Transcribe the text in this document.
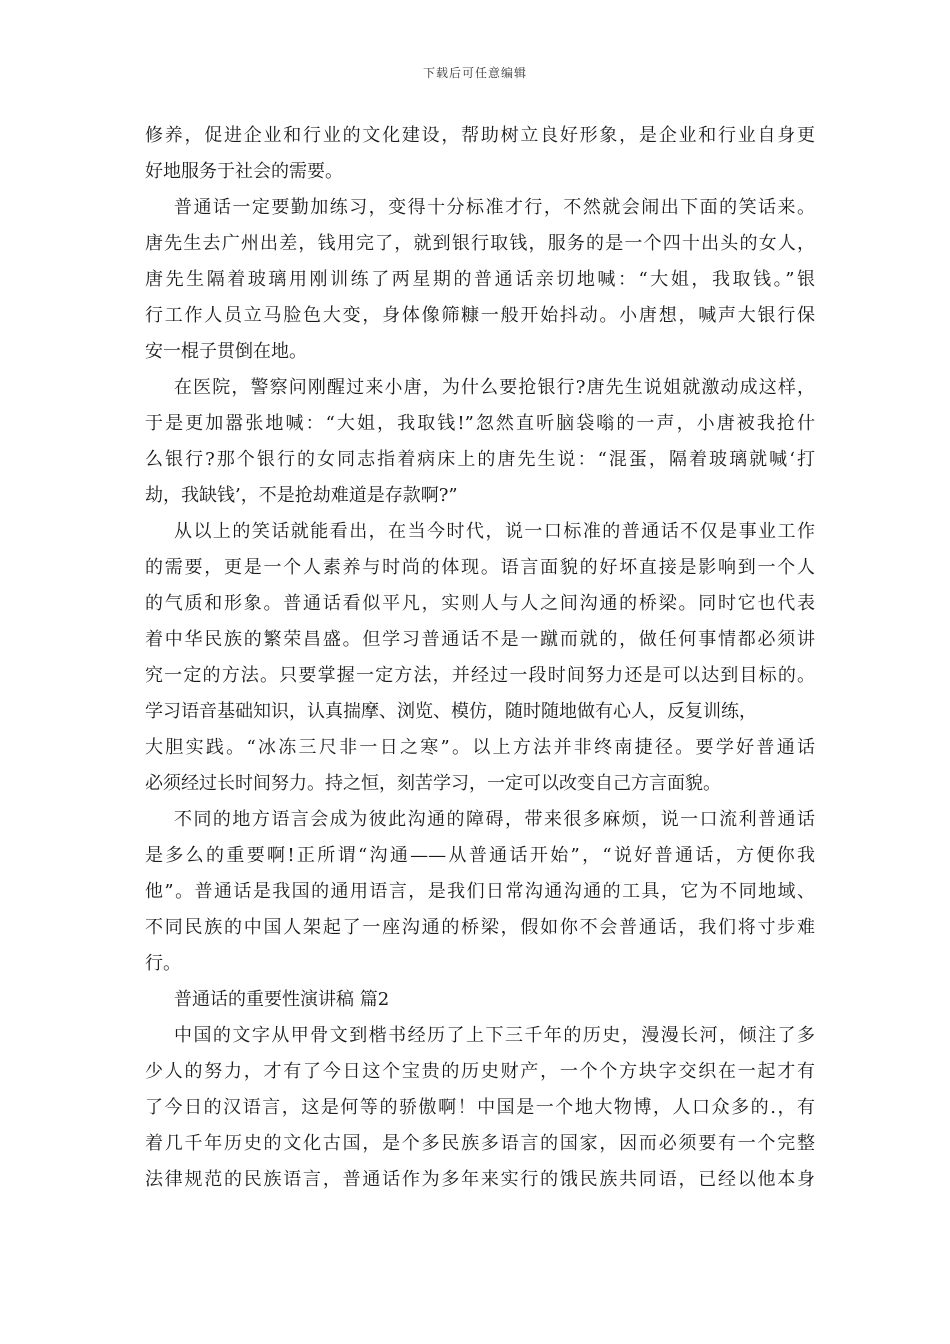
下载后可任意编辑
修养，促进企业和行业的文化建设，帮助树立良好形象，是企业和行业自身更
好地服务于社会的需要。
普通话一定要勤加练习，变得十分标准才行，不然就会闹出下面的笑话来。
唐先生去广州出差，钱用完了，就到银行取钱，服务的是一个四十出头的女人，
唐先生隔着玻璃用刚训练了两星期的普通话亲切地喊：“大姐，我取钱。”银
行工作人员立马脸色大变，身体像筛糠一般开始抖动。小唐想，喊声大银行保
安一棍子贯倒在地。
在医院，警察问刚醒过来小唐，为什么要抢银行?唐先生说姐就激动成这样，
于是更加嚣张地喊：“大姐，我取钱!”忽然直听脑袋嗡的一声，小唐被我抢什
么银行?那个银行的女同志指着病床上的唐先生说：“混蛋，隔着玻璃就喊‘打
劫，我缺钱’，不是抢劫难道是存款啊?”
从以上的笑话就能看出，在当今时代，说一口标准的普通话不仅是事业工作
的需要，更是一个人素养与时尚的体现。语言面貌的好坏直接是影响到一个人
的气质和形象。普通话看似平凡，实则人与人之间沟通的桥梁。同时它也代表
着中华民族的繁荣昌盛。但学习普通话不是一蹴而就的，做任何事情都必须讲
究一定的方法。只要掌握一定方法，并经过一段时间努力还是可以达到目标的。
学习语音基础知识，认真揣摩、浏览、模仿，随时随地做有心人，反复训练，
大胆实践。“冰冻三尺非一日之寒”。以上方法并非终南捷径。要学好普通话
必须经过长时间努力。持之恒，刻苦学习，一定可以改变自己方言面貌。
不同的地方语言会成为彼此沟通的障碍，带来很多麻烦，说一口流利普通话
是多么的重要啊!正所谓“沟通——从普通话开始”，“说好普通话，方便你我
他”。普通话是我国的通用语言，是我们日常沟通沟通的工具，它为不同地域、
不同民族的中国人架起了一座沟通的桥梁，假如你不会普通话，我们将寸步难
行。
普通话的重要性演讲稿 篇2
中国的文字从甲骨文到楷书经历了上下三千年的历史，漫漫长河，倾注了多
少人的努力，才有了今日这个宝贵的历史财产，一个个方块字交织在一起才有
了今日的汉语言，这是何等的骄傲啊！中国是一个地大物博，人口众多的.，有
着几千年历史的文化古国，是个多民族多语言的国家，因而必须要有一个完整
法律规范的民族语言，普通话作为多年来实行的饿民族共同语，已经以他本身
